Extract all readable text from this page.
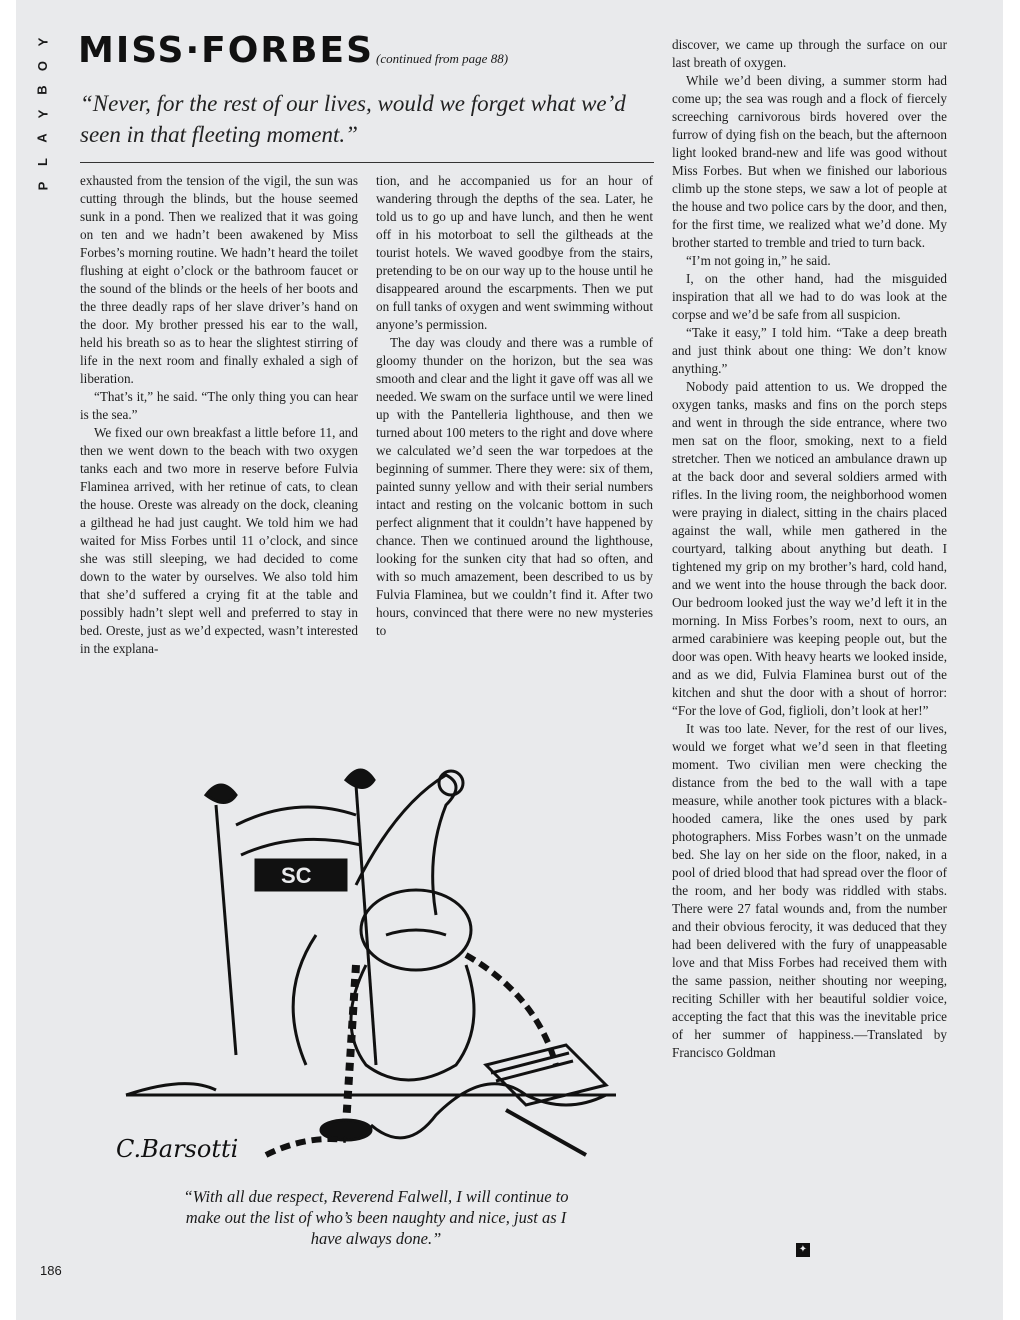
Y
O
B
Y
A
L
P
MISS·FORBES (continued from page 88)
“Never, for the rest of our lives, would we forget what we’d seen in that fleeting moment.”

exhausted from the tension of the vigil, the sun was cutting through the blinds, but the house seemed sunk in a pond. Then we realized that it was going on ten and we hadn’t been awakened by Miss Forbes’s morning routine. We hadn’t heard the toilet flushing at eight o’clock or the bathroom faucet or the sound of the blinds or the heels of her boots and the three deadly raps of her slave driver’s hand on the door. My brother pressed his ear to the wall, held his breath so as to hear the slightest stirring of life in the next room and finally exhaled a sigh of liberation.

“That’s it,” he said. “The only thing you can hear is the sea.”

We fixed our own breakfast a little before 11, and then we went down to the beach with two oxygen tanks each and two more in reserve before Fulvia Flaminea arrived, with her retinue of cats, to clean the house. Oreste was already on the dock, cleaning a gilthead he had just caught. We told him we had waited for Miss Forbes until 11 o’clock, and since she was still sleeping, we had decided to come down to the water by ourselves. We also told him that she’d suffered a crying fit at the table and possibly hadn’t slept well and preferred to stay in bed. Oreste, just as we’d expected, wasn’t interested in the explana-

tion, and he accompanied us for an hour of wandering through the depths of the sea. Later, he told us to go up and have lunch, and then he went off in his motorboat to sell the giltheads at the tourist hotels. We waved goodbye from the stairs, pretending to be on our way up to the house until he disappeared around the escarpments. Then we put on full tanks of oxygen and went swimming without anyone’s permission.

The day was cloudy and there was a rumble of gloomy thunder on the horizon, but the sea was smooth and clear and the light it gave off was all we needed. We swam on the surface until we were lined up with the Pantelleria lighthouse, and then we turned about 100 meters to the right and dove where we calculated we’d seen the war torpedoes at the beginning of summer. There they were: six of them, painted sunny yellow and with their serial numbers intact and resting on the volcanic bottom in such perfect alignment that it couldn’t have happened by chance. Then we continued around the lighthouse, looking for the sunken city that had so often, and with so much amazement, been described to us by Fulvia Flaminea, but we couldn’t find it. After two hours, convinced that there were no new mysteries to

discover, we came up through the surface on our last breath of oxygen.

While we’d been diving, a summer storm had come up; the sea was rough and a flock of fiercely screeching carnivorous birds hovered over the furrow of dying fish on the beach, but the afternoon light looked brand-new and life was good without Miss Forbes. But when we finished our laborious climb up the stone steps, we saw a lot of people at the house and two police cars by the door, and then, for the first time, we realized what we’d done. My brother started to tremble and tried to turn back.

“I’m not going in,” he said.

I, on the other hand, had the misguided inspiration that all we had to do was look at the corpse and we’d be safe from all suspicion.

“Take it easy,” I told him. “Take a deep breath and just think about one thing: We don’t know anything.”

Nobody paid attention to us. We dropped the oxygen tanks, masks and fins on the porch steps and went in through the side entrance, where two men sat on the floor, smoking, next to a field stretcher. Then we noticed an ambulance drawn up at the back door and several soldiers armed with rifles. In the living room, the neighborhood women were praying in dialect, sitting in the chairs placed against the wall, while men gathered in the courtyard, talking about anything but death. I tightened my grip on my brother’s hard, cold hand, and we went into the house through the back door. Our bedroom looked just the way we’d left it in the morning. In Miss Forbes’s room, next to ours, an armed carabiniere was keeping people out, but the door was open. With heavy hearts we looked inside, and as we did, Fulvia Flaminea burst out of the kitchen and shut the door with a shout of horror: “For the love of God, figlioli, don’t look at her!”

It was too late. Never, for the rest of our lives, would we forget what we’d seen in that fleeting moment. Two civilian men were checking the distance from the bed to the wall with a tape measure, while another took pictures with a black-hooded camera, like the ones used by park photographers. Miss Forbes wasn’t on the unmade bed. She lay on her side on the floor, naked, in a pool of dried blood that had spread over the floor of the room, and her body was riddled with stabs. There were 27 fatal wounds and, from the number and their obvious ferocity, it was deduced that they had been delivered with the fury of unappeasable love and that Miss Forbes had received them with the same passion, neither shouting nor weeping, reciting Schiller with her beautiful soldier voice, accepting the fact that this was the inevitable price of her summer of happiness.—Translated by Francisco Goldman

SC
C.Barsotti
“With all due respect, Reverend Falwell, I will continue to make out the list of who’s been naughty and nice, just as I have always done.”
186
✦
